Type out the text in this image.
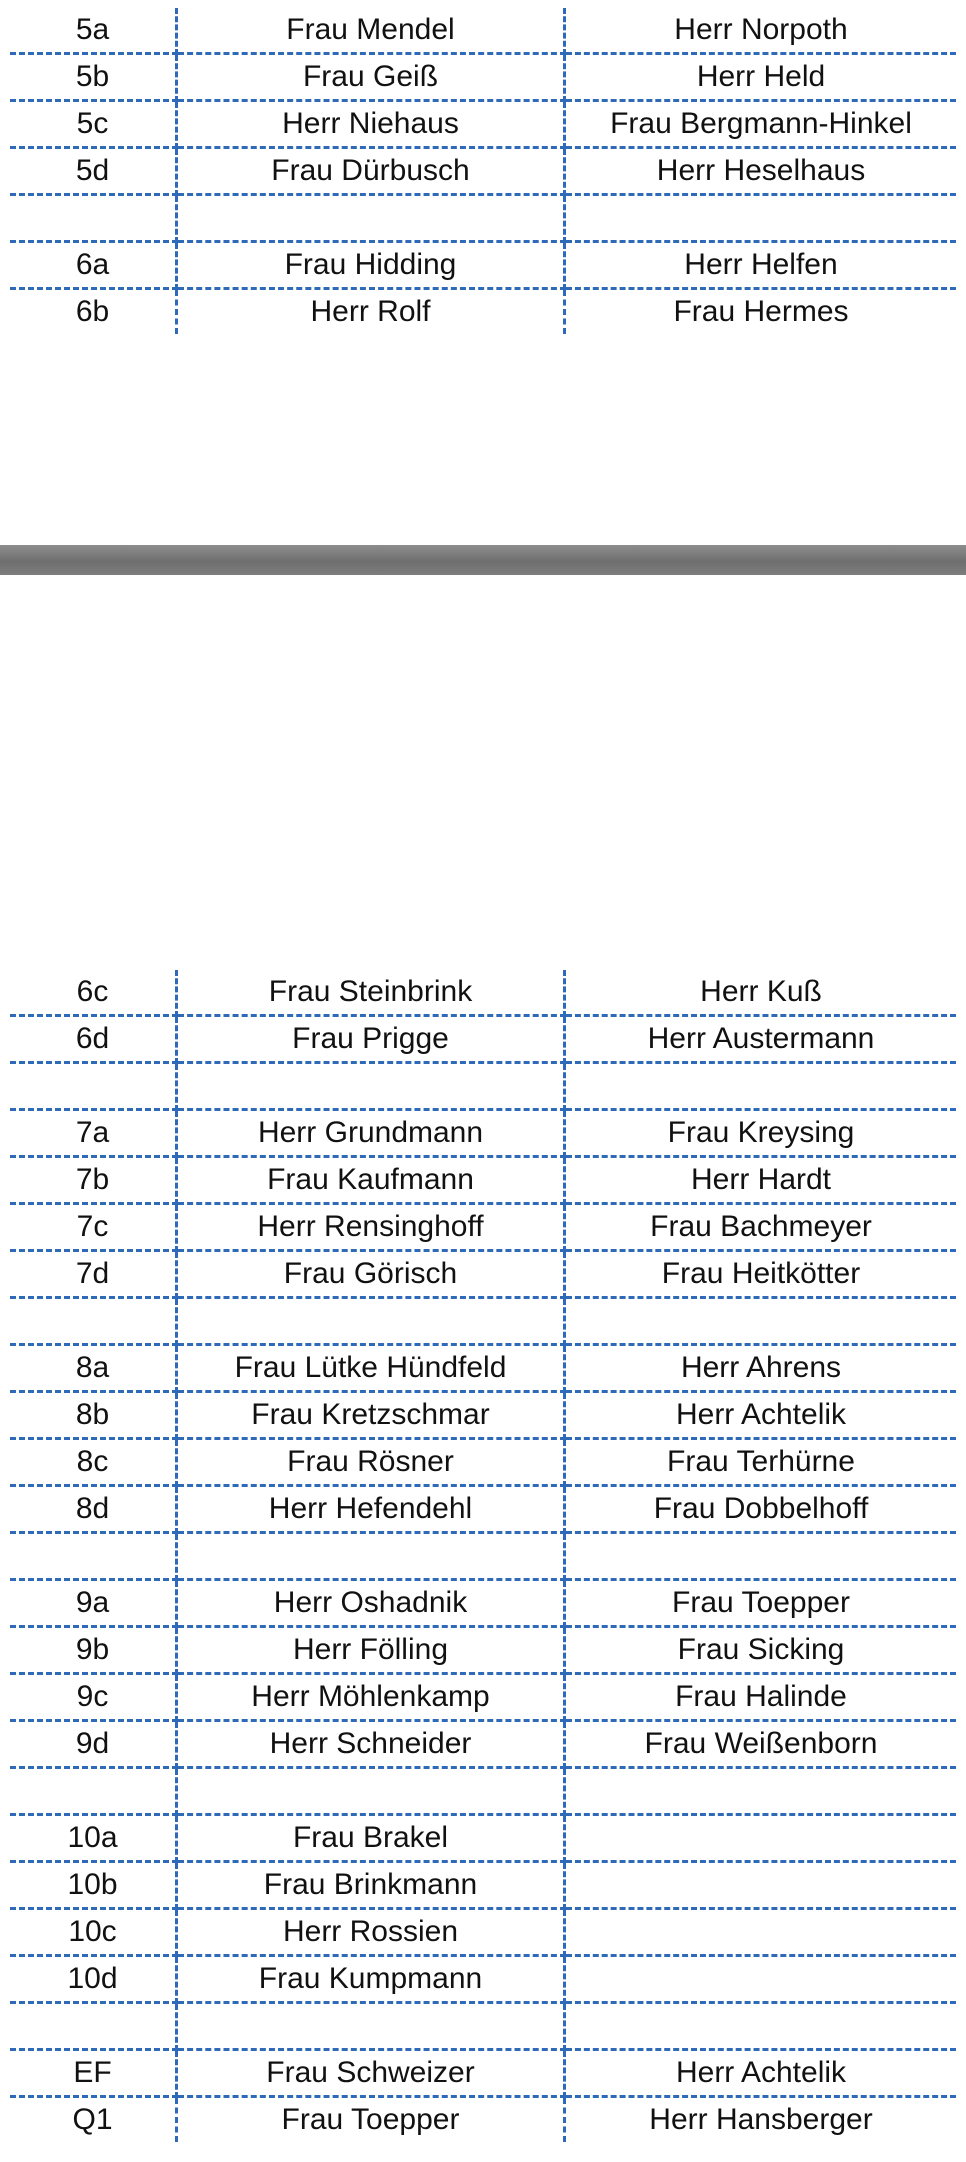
5a	Frau Mendel	Herr Norpoth
5b	Frau Geiß	Herr Held
5c	Herr Niehaus	Frau Bergmann-Hinkel
5d	Frau Dürbusch	Herr Heselhaus

6a	Frau Hidding	Herr Helfen
6b	Herr Rolf	Frau Hermes
6c	Frau Steinbrink	Herr Kuß
6d	Frau Prigge	Herr Austermann

7a	Herr Grundmann	Frau Kreysing
7b	Frau Kaufmann	Herr Hardt
7c	Herr Rensinghoff	Frau Bachmeyer
7d	Frau Görisch	Frau Heitkötter

8a	Frau Lütke Hündfeld	Herr Ahrens
8b	Frau Kretzschmar	Herr Achtelik
8c	Frau Rösner	Frau Terhürne
8d	Herr Hefendehl	Frau Dobbelhoff

9a	Herr Oshadnik	Frau Toepper
9b	Herr Fölling	Frau Sicking
9c	Herr Möhlenkamp	Frau Halinde
9d	Herr Schneider	Frau Weißenborn

10a	Frau Brakel	
10b	Frau Brinkmann	
10c	Herr Rossien	
10d	Frau Kumpmann	

EF	Frau Schweizer	Herr Achtelik
Q1	Frau Toepper	Herr Hansberger
